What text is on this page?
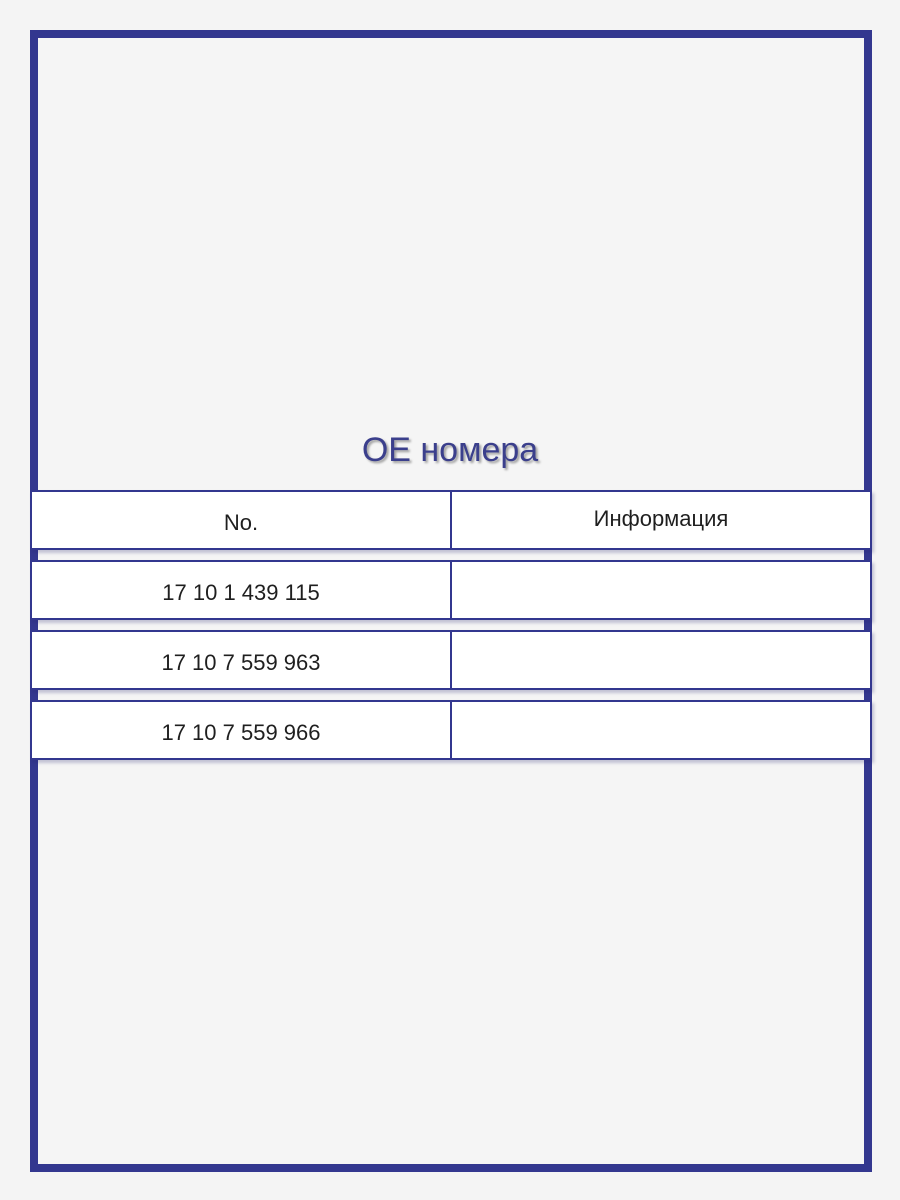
OE номера
No.	Информация
17 10 1 439 115
17 10 7 559 963
17 10 7 559 966
